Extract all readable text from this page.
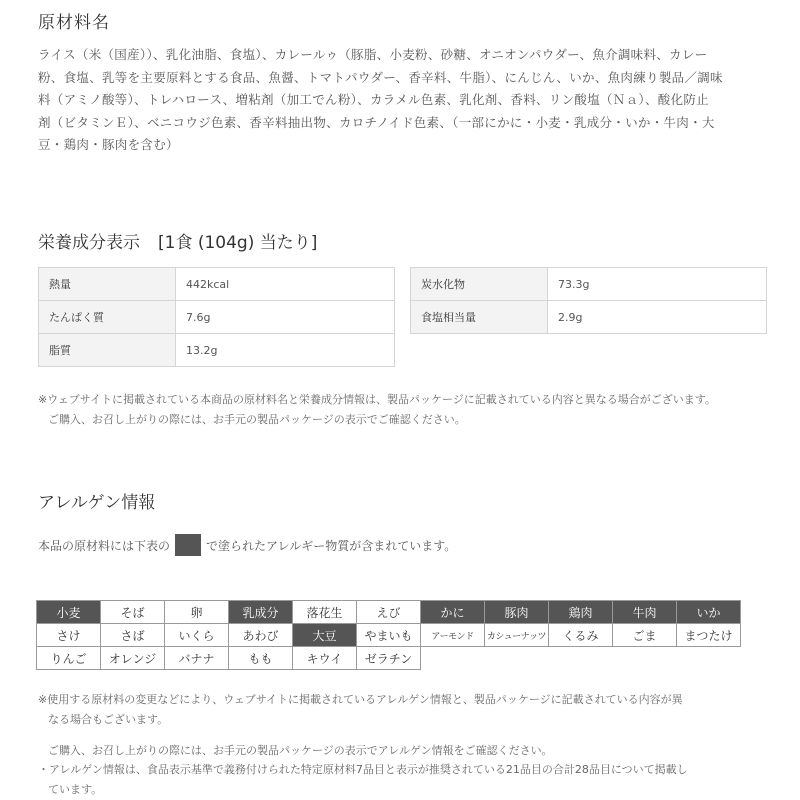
原材料名
ライス（米（国産））、乳化油脂、食塩）、カレールゥ（豚脂、小麦粉、砂糖、オニオンパウダー、魚介調味料、カレー
粉、食塩、乳等を主要原料とする食品、魚醤、トマトパウダー、香辛料、牛脂）、にんじん、いか、魚肉練り製品／調味
料（アミノ酸等）、トレハロース、増粘剤（加工でん粉）、カラメル色素、乳化剤、香料、リン酸塩（Ｎａ）、酸化防止
剤（ビタミンＥ）、ベニコウジ色素、香辛料抽出物、カロチノイド色素、（一部にかに・小麦・乳成分・いか・牛肉・大
豆・鶏肉・豚肉を含む）
栄養成分表示 [1食 (104g) 当たり]
熱量	442kcal
たんぱく質	7.6g
脂質	13.2g
炭水化物	73.3g
食塩相当量	2.9g
※ウェブサイトに掲載されている本商品の原材料名と栄養成分情報は、製品パッケージに記載されている内容と異なる場合がございます。
ご購入、お召し上がりの際には、お手元の製品パッケージの表示でご確認ください。
アレルゲン情報
本品の原材料には下表の	で塗られたアレルギー物質が含まれています。
小麦	そば	卵	乳成分	落花生	えび	かに	豚肉	鶏肉	牛肉	いか
さけ	さば	いくら	あわび	大豆	やまいも	アーモンド	カシューナッツ	くるみ	ごま	まつたけ
りんご	オレンジ	バナナ	もも	キウイ	ゼラチン					
※使用する原材料の変更などにより、ウェブサイトに掲載されているアレルゲン情報と、製品パッケージに記載されている内容が異
なる場合もございます。
ご購入、お召し上がりの際には、お手元の製品パッケージの表示でアレルゲン情報をご確認ください。
・アレルゲン情報は、食品表示基準で義務付けられた特定原材料7品目と表示が推奨されている21品目の合計28品目について掲載し
ています。
